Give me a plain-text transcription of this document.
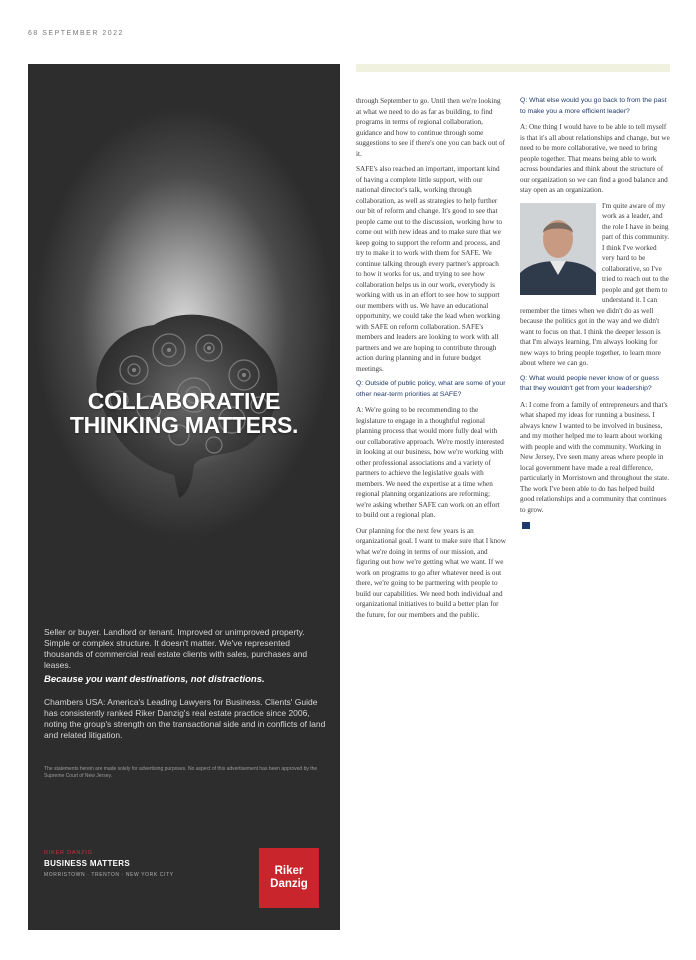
68 SEPTEMBER 2022
COLLABORATIVE
THINKING MATTERS.
Seller or buyer. Landlord or tenant. Improved or unimproved property. Simple or complex structure. It doesn't matter. We've represented thousands of commercial real estate clients with sales, purchases and leases.
Because you want destinations, not distractions.
Chambers USA: America's Leading Lawyers for Business. Clients' Guide has consistently ranked Riker Danzig's real estate practice since 2006, noting the group's strength on the transactional side and in conflicts of land and related litigation.
The statements herein are made solely for advertising purposes. No aspect of this advertisement has been approved by the Supreme Court of New Jersey.
RIKER DANZIG
BUSINESS MATTERS
MORRISTOWN · TRENTON · NEW YORK CITY	Riker
Danzig

through September to go. Until then we're looking at what we need to do as far as building, to find programs in terms of regional collaboration, guidance and how to continue through some suggestions to see if there's one you can back out of it.

SAFE's also reached an important, important kind of having a complete little support, with our national director's talk, working through collaboration, as well as strategies to help further our bit of reform and change. It's good to see that people came out to the discussion, working how to come out with new ideas and to make sure that we keep going to support the reform and process, and try to make it to work with them for SAFE. We continue talking through every partner's approach to how it works for us, and trying to see how collaboration helps us in our work, everybody is working with us in an effort to see how to support our members with us. We have an educational opportunity, we could take the lead when working with SAFE on reform collaboration. SAFE's members and leaders are looking to work with all partners and we are hoping to contribute through action during planning and in future budget meetings.

Q: Outside of public policy, what are some of your other near-term priorities at SAFE?

A: We're going to be recommending to the legislature to engage in a thoughtful regional planning process that would more fully deal with our collaborative approach. We're mostly interested in looking at our business, how we're working with other professional associations and a variety of partners to achieve the legislative goals with members. We need the expertise at a time when regional planning organizations are reforming; we're asking whether SAFE can work on an effort to build out a regional plan.

Our planning for the next few years is an organizational goal. I want to make sure that I know what we're doing in terms of our mission, and figuring out how we're getting what we want. If we work on programs to go after whatever need is out there, we're going to be partnering with people to build our capabilities. We need both individual and organizational initiatives to build a better plan for the future, for our members and the public.

Q: What else would you go back to from the past to make you a more efficient leader?

A: One thing I would have to be able to tell myself is that it's all about relationships and change, but we need to be more collaborative, we need to bring people together. That means being able to work across boundaries and think about the structure of our organization so we can find a good balance and stay open as an organization.

I'm quite aware of my work as a leader, and the role I have in being part of this community. I think I've worked very hard to be collaborative, so I've tried to reach out to the people and get them to understand it. I can remember the times when we didn't do as well because the politics got in the way and we didn't want to focus on that. I think the deeper lesson is that I'm always learning, I'm always looking for new ways to bring people together, to learn more about where we can go.

Q: What would people never know of or guess that they wouldn't get from your leadership?

A: I come from a family of entrepreneurs and that's what shaped my ideas for running a business. I always knew I wanted to be involved in business, and my mother helped me to learn about working with people and with the community. Working in New Jersey, I've seen many areas where people in local government have made a real difference, particularly in Morristown and throughout the state. The work I've been able to do has helped build good relationships and a community that continues to grow.
